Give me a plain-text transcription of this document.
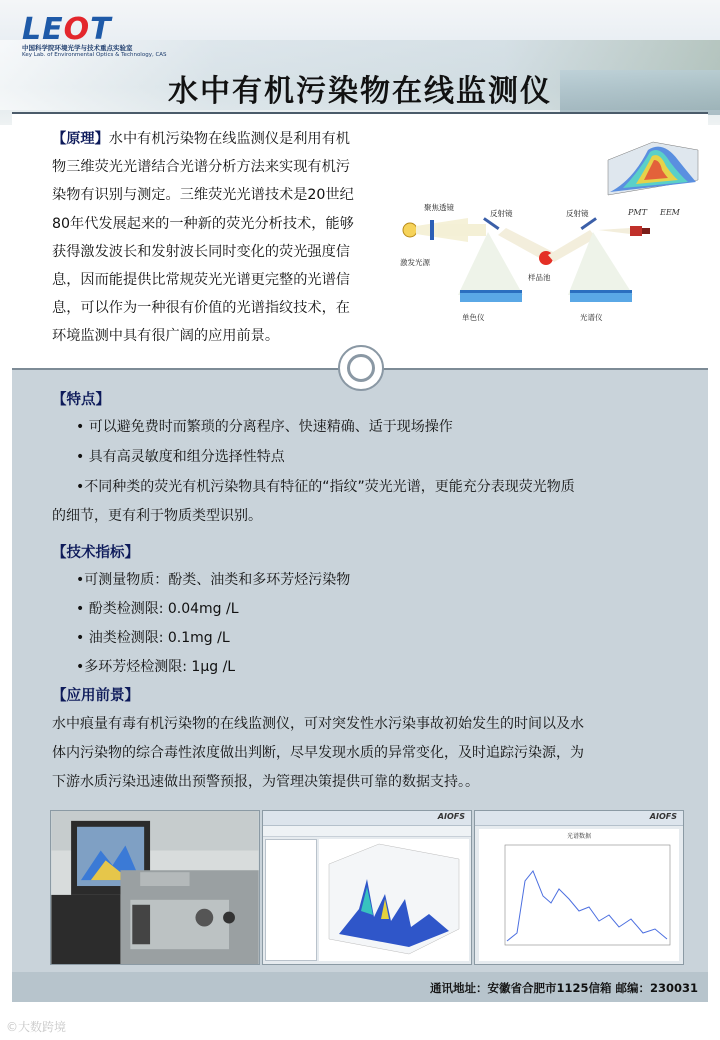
LEOT
中国科学院环境光学与技术重点实验室
Key Lab. of Environmental Optics & Technology, CAS
水中有机污染物在线监测仪
【原理】水中有机污染物在线监测仪是利用有机
物三维荧光光谱结合光谱分析方法来实现有机污
染物有识别与测定。三维荧光光谱技术是20世纪
80年代发展起来的一种新的荧光分析技术，能够
获得激发波长和发射波长同时变化的荧光强度信
息，因而能提供比常规荧光光谱更完整的光谱信
息，可以作为一种很有价值的光谱指纹技术，在
环境监测中具有很广阔的应用前景。
EEM
PMT
激发光源
聚焦透镜
反射镜
单色仪
样品池
反射镜
光谱仪
【特点】
• 可以避免费时而繁琐的分离程序、快速精确、适于现场操作
• 具有高灵敏度和组分选择性特点
•不同种类的荧光有机污染物具有特征的“指纹”荧光光谱，更能充分表现荧光物质
的细节，更有利于物质类型识别。
【技术指标】
•可测量物质：酚类、油类和多环芳烃污染物
• 酚类检测限: 0.04mg /L
• 油类检测限: 0.1mg /L
•多环芳烃检测限: 1μg /L
【应用前景】
水中痕量有毒有机污染物的在线监测仪，可对突发性水污染事故初始发生的时间以及水
体内污染物的综合毒性浓度做出判断，尽早发现水质的异常变化，及时追踪污染源，为
下游水质污染迅速做出预警预报，为管理决策提供可靠的数据支持。。
AIOFS	AIOFS
光谱数据
通讯地址：安徽省合肥市1125信箱 邮编：230031
©大数跨境
